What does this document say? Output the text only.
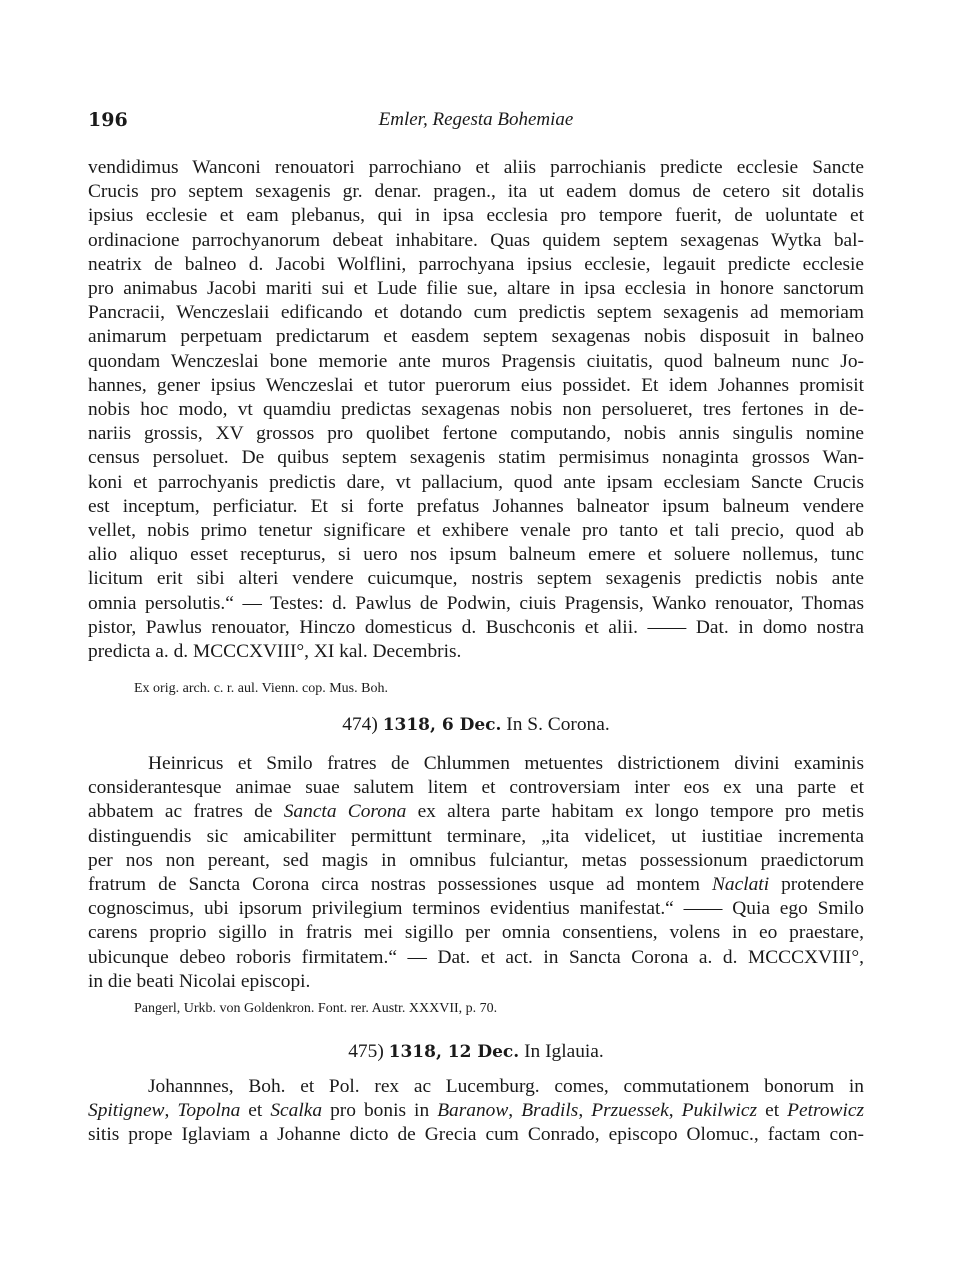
196	Emler, Regesta Bohemiae
vendidimus Wanconi renouatori parrochiano et aliis parrochianis predicte ecclesie Sancte
Crucis pro septem sexagenis gr. denar. pragen., ita ut eadem domus de cetero sit dotalis
ipsius ecclesie et eam plebanus, qui in ipsa ecclesia pro tempore fuerit, de uoluntate et
ordinacione parrochyanorum debeat inhabitare. Quas quidem septem sexagenas Wytka bal-
neatrix de balneo d. Jacobi Wolflini, parrochyana ipsius ecclesie, legauit predicte ecclesie
pro animabus Jacobi mariti sui et Lude filie sue, altare in ipsa ecclesia in honore sanctorum
Pancracii, Wenczeslaii edificando et dotando cum predictis septem sexagenis ad memoriam
animarum perpetuam predictarum et easdem septem sexagenas nobis disposuit in balneo
quondam Wenczeslai bone memorie ante muros Pragensis ciuitatis, quod balneum nunc Jo-
hannes, gener ipsius Wenczeslai et tutor puerorum eius possidet. Et idem Johannes promisit
nobis hoc modo, vt quamdiu predictas sexagenas nobis non persolueret, tres fertones in de-
nariis grossis, XV grossos pro quolibet fertone computando, nobis annis singulis nomine
census persoluet. De quibus septem sexagenis statim permisimus nonaginta grossos Wan-
koni et parrochyanis predictis dare, vt pallacium, quod ante ipsam ecclesiam Sancte Crucis
est inceptum, perficiatur. Et si forte prefatus Johannes balneator ipsum balneum vendere
vellet, nobis primo tenetur significare et exhibere venale pro tanto et tali precio, quod ab
alio aliquo esset recepturus, si uero nos ipsum balneum emere et soluere nollemus, tunc
licitum erit sibi alteri vendere cuicumque, nostris septem sexagenis predictis nobis ante
omnia persolutis.“ — Testes: d. Pawlus de Podwin, ciuis Pragensis, Wanko renouator, Thomas
pistor, Pawlus renouator, Hinczo domesticus d. Buschconis et alii. —— Dat. in domo nostra
predicta a. d. MCCCXVIII°, XI kal. Decembris.
Ex orig. arch. c. r. aul. Vienn. cop. Mus. Boh.
474) 1318, 6 Dec. In S. Corona.
Heinricus et Smilo fratres de Chlummen metuentes districtionem divini examinis
considerantesque animae suae salutem litem et controversiam inter eos ex una parte et
abbatem ac fratres de Sancta Corona ex altera parte habitam ex longo tempore pro metis
distinguendis sic amicabiliter permittunt terminare, „ita videlicet, ut iustitiae incrementa
per nos non pereant, sed magis in omnibus fulciantur, metas possessionum praedictorum
fratrum de Sancta Corona circa nostras possessiones usque ad montem Naclati protendere
cognoscimus, ubi ipsorum privilegium terminos evidentius manifestat.“ —— Quia ego Smilo
carens proprio sigillo in fratris mei sigillo per omnia consentiens, volens in eo praestare,
ubicunque debeo roboris firmitatem.“ — Dat. et act. in Sancta Corona a. d. MCCCXVIII°,
in die beati Nicolai episcopi.
Pangerl, Urkb. von Goldenkron. Font. rer. Austr. XXXVII, p. 70.
475) 1318, 12 Dec. In Iglauia.
Johannnes, Boh. et Pol. rex ac Lucemburg. comes, commutationem bonorum in
Spitignew, Topolna et Scalka pro bonis in Baranow, Bradils, Przиessek, Pukilwicz et Petrowicz
sitis prope Iglaviam a Johanne dicto de Grecia cum Conrado, episcopo Olomuc., factam con-
